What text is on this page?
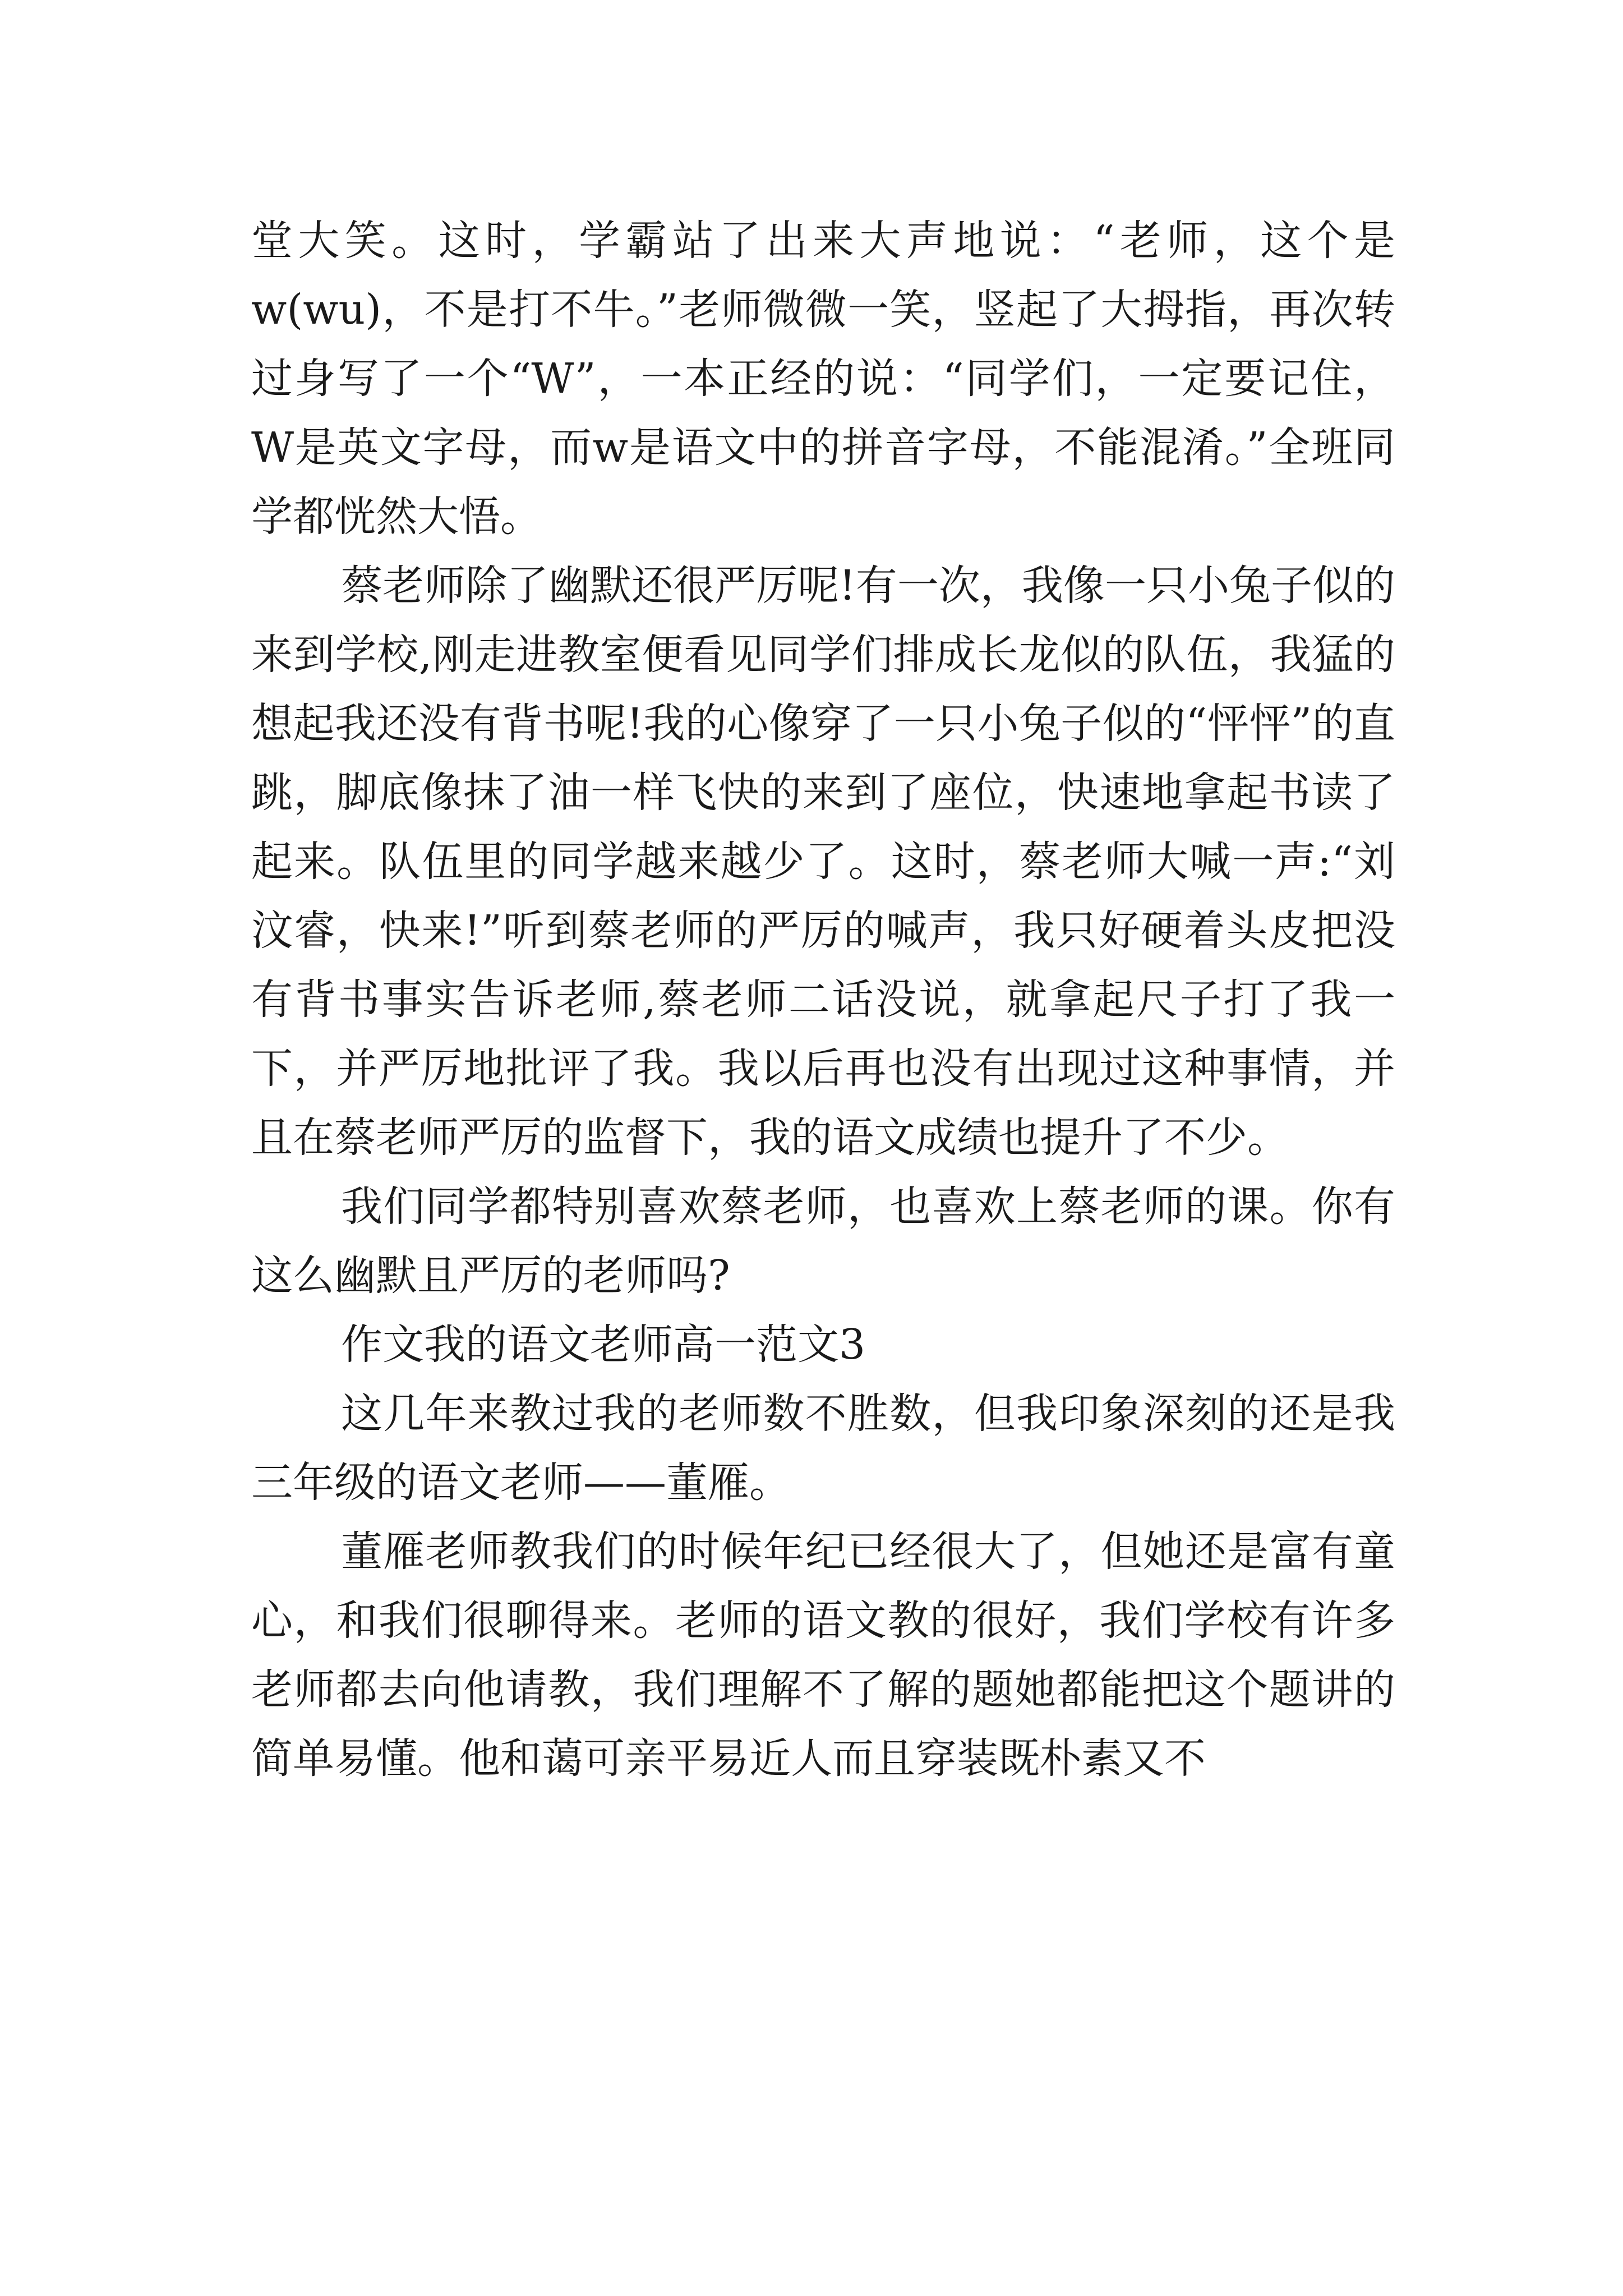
堂大笑。这时，学霸站了出来大声地说：“老师，这个是w(wu)，不是打不牛。”老师微微一笑，竖起了大拇指，再次转过身写了一个“W”，一本正经的说：“同学们，一定要记住，W是英文字母，而w是语文中的拼音字母，不能混淆。”全班同学都恍然大悟。

蔡老师除了幽默还很严厉呢!有一次，我像一只小兔子似的来到学校,刚走进教室便看见同学们排成长龙似的队伍，我猛的想起我还没有背书呢!我的心像穿了一只小兔子似的“怦怦”的直跳，脚底像抹了油一样飞快的来到了座位，快速地拿起书读了起来。队伍里的同学越来越少了。这时，蔡老师大喊一声:“刘汶睿，快来!”听到蔡老师的严厉的喊声，我只好硬着头皮把没有背书事实告诉老师,蔡老师二话没说，就拿起尺子打了我一下，并严厉地批评了我。我以后再也没有出现过这种事情，并且在蔡老师严厉的监督下，我的语文成绩也提升了不少。

我们同学都特别喜欢蔡老师，也喜欢上蔡老师的课。你有这么幽默且严厉的老师吗?

作文我的语文老师高一范文3

这几年来教过我的老师数不胜数，但我印象深刻的还是我三年级的语文老师——董雁。

董雁老师教我们的时候年纪已经很大了，但她还是富有童心，和我们很聊得来。老师的语文教的很好，我们学校有许多老师都去向他请教，我们理解不了解的题她都能把这个题讲的简单易懂。他和蔼可亲平易近人而且穿装既朴素又不
